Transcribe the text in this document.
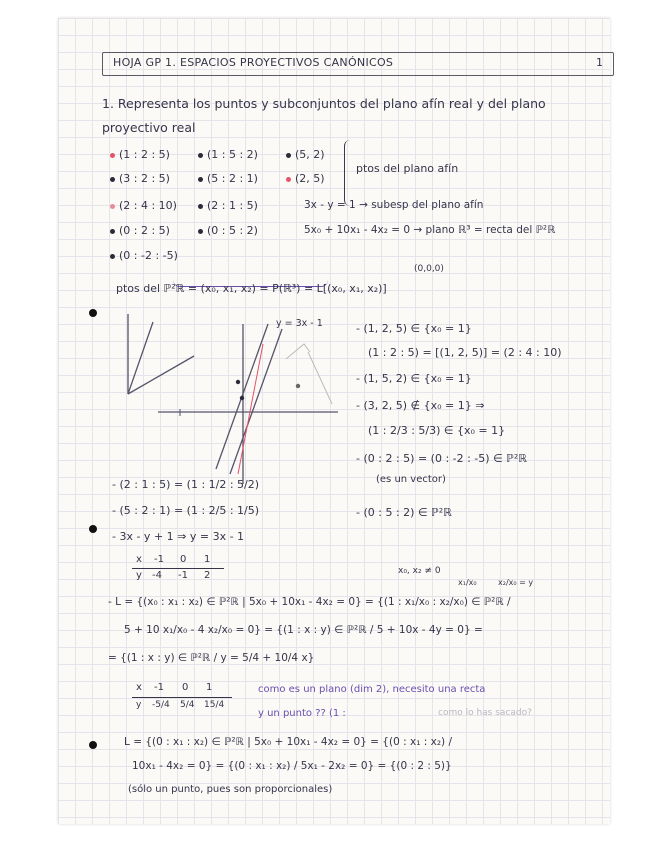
HOJA GP 1. ESPACIOS PROYECTIVOS CANÓNICOS	1
1. Representa los puntos y subconjuntos del plano afín real y del plano
proyectivo real
(1 : 2 : 5)	(1 : 5 : 2)	(5, 2)
(3 : 2 : 5)	(5 : 2 : 1)	(2, 5)
(2 : 4 : 10)	(2 : 1 : 5)
(0 : 2 : 5)	(0 : 5 : 2)
(0 : -2 : -5)
ptos del plano afín
3x - y = 1 → subesp del plano afín
5x₀ + 10x₁ - 4x₂ = 0 → plano ℝ³ = recta del ℙ²ℝ
(0,0,0)
ptos del ℙ²ℝ = (x₀, x₁, x₂) = P(ℝ³) = L[(x₀, x₁, x₂)]
y = 3x - 1	- (1, 2, 5) ∈ {x₀ = 1}
(1 : 2 : 5) = [(1, 2, 5)] = (2 : 4 : 10)
- (1, 5, 2) ∈ {x₀ = 1}
- (3, 2, 5) ∉ {x₀ = 1} ⇒
(1 : 2/3 : 5/3) ∈ {x₀ = 1}
- (0 : 2 : 5) = (0 : -2 : -5) ∈ ℙ²ℝ
(es un vector)
- (0 : 5 : 2) ∈ ℙ²ℝ
- (2 : 1 : 5) = (1 : 1/2 : 5/2)
- (5 : 2 : 1) = (1 : 2/5 : 1/5)
- 3x - y + 1 ⇒ y = 3x - 1
x -1 0 1
y -4 -1 2	x₀, x₂ ≠ 0
x₁/x₀	x₂/x₀ = y
- L = {(x₀ : x₁ : x₂) ∈ ℙ²ℝ | 5x₀ + 10x₁ - 4x₂ = 0} = {(1 : x₁/x₀ : x₂/x₀) ∈ ℙ²ℝ /
5 + 10 x₁/x₀ - 4 x₂/x₀ = 0} = {(1 : x : y) ∈ ℙ²ℝ / 5 + 10x - 4y = 0} =
= {(1 : x : y) ∈ ℙ²ℝ / y = 5/4 + 10/4 x}
x -1 0 1
y -5/4 5/4 15/4
como es un plano (dim 2), necesito una recta
y un punto ?? (1 :	como lo has sacado?
L = {(0 : x₁ : x₂) ∈ ℙ²ℝ | 5x₀ + 10x₁ - 4x₂ = 0} = {(0 : x₁ : x₂) /
10x₁ - 4x₂ = 0} = {(0 : x₁ : x₂) / 5x₁ - 2x₂ = 0} = {(0 : 2 : 5)}
(sólo un punto, pues son proporcionales)
